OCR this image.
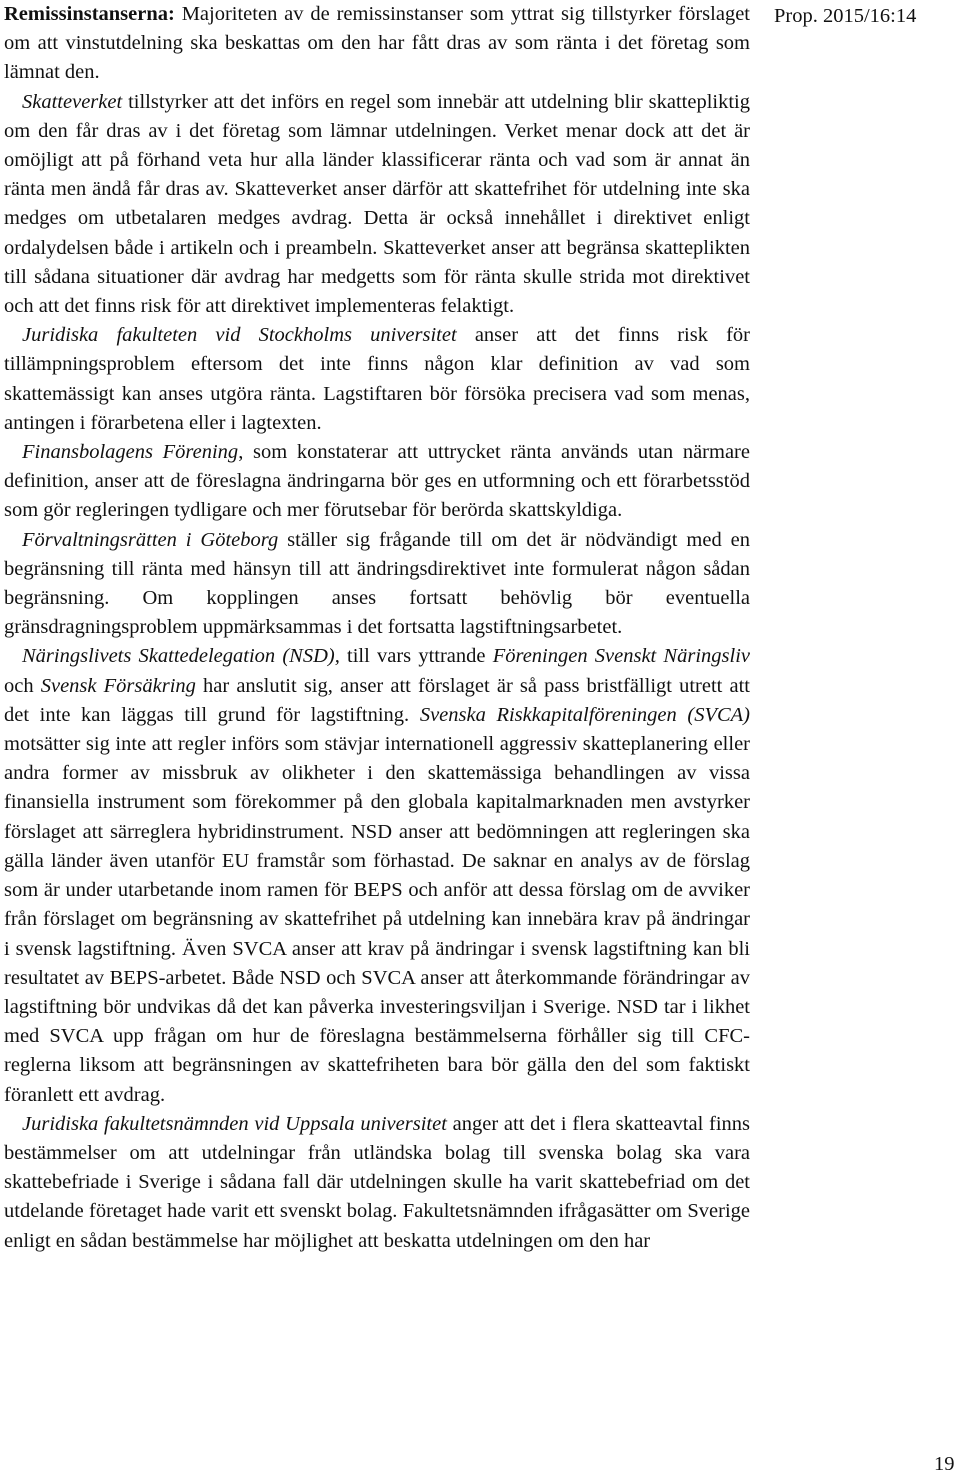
Prop. 2015/16:14

Remissinstanserna: Majoriteten av de remissinstanser som yttrat sig tillstyrker förslaget om att vinstutdelning ska beskattas om den har fått dras av som ränta i det företag som lämnat den.

Skatteverket tillstyrker att det införs en regel som innebär att utdelning blir skattepliktig om den får dras av i det företag som lämnar utdelningen. Verket menar dock att det är omöjligt att på förhand veta hur alla länder klassificerar ränta och vad som är annat än ränta men ändå får dras av. Skatteverket anser därför att skattefrihet för utdelning inte ska medges om utbetalaren medges avdrag. Detta är också innehållet i direktivet enligt ordalydelsen både i artikeln och i preambeln. Skatteverket anser att begränsa skatteplikten till sådana situationer där avdrag har medgetts som för ränta skulle strida mot direktivet och att det finns risk för att direktivet implementeras felaktigt.

Juridiska fakulteten vid Stockholms universitet anser att det finns risk för tillämpningsproblem eftersom det inte finns någon klar definition av vad som skattemässigt kan anses utgöra ränta. Lagstiftaren bör försöka precisera vad som menas, antingen i förarbetena eller i lagtexten.

Finansbolagens Förening, som konstaterar att uttrycket ränta används utan närmare definition, anser att de föreslagna ändringarna bör ges en utformning och ett förarbetsstöd som gör regleringen tydligare och mer förutsebar för berörda skattskyldiga.

Förvaltningsrätten i Göteborg ställer sig frågande till om det är nödvändigt med en begränsning till ränta med hänsyn till att ändringsdirektivet inte formulerat någon sådan begränsning. Om kopplingen anses fortsatt behövlig bör eventuella gränsdragningsproblem uppmärksammas i det fortsatta lagstiftningsarbetet.

Näringslivets Skattedelegation (NSD), till vars yttrande Föreningen Svenskt Näringsliv och Svensk Försäkring har anslutit sig, anser att förslaget är så pass bristfälligt utrett att det inte kan läggas till grund för lagstiftning. Svenska Riskkapitalföreningen (SVCA) motsätter sig inte att regler införs som stävjar internationell aggressiv skatteplanering eller andra former av missbruk av olikheter i den skattemässiga behandlingen av vissa finansiella instrument som förekommer på den globala kapitalmarknaden men avstyrker förslaget att särreglera hybridinstrument. NSD anser att bedömningen att regleringen ska gälla länder även utanför EU framstår som förhastad. De saknar en analys av de förslag som är under utarbetande inom ramen för BEPS och anför att dessa förslag om de avviker från förslaget om begränsning av skattefrihet på utdelning kan innebära krav på ändringar i svensk lagstiftning. Även SVCA anser att krav på ändringar i svensk lagstiftning kan bli resultatet av BEPS-arbetet. Både NSD och SVCA anser att återkommande förändringar av lagstiftning bör undvikas då det kan påverka investeringsviljan i Sverige. NSD tar i likhet med SVCA upp frågan om hur de föreslagna bestämmelserna förhåller sig till CFC-reglerna liksom att begränsningen av skattefriheten bara bör gälla den del som faktiskt föranlett ett avdrag.

Juridiska fakultetsnämnden vid Uppsala universitet anger att det i flera skatteavtal finns bestämmelser om att utdelningar från utländska bolag till svenska bolag ska vara skattebefriade i Sverige i sådana fall där utdelningen skulle ha varit skattebefriad om det utdelande företaget hade varit ett svenskt bolag. Fakultetsnämnden ifrågasätter om Sverige enligt en sådan bestämmelse har möjlighet att beskatta utdelningen om den har

19
